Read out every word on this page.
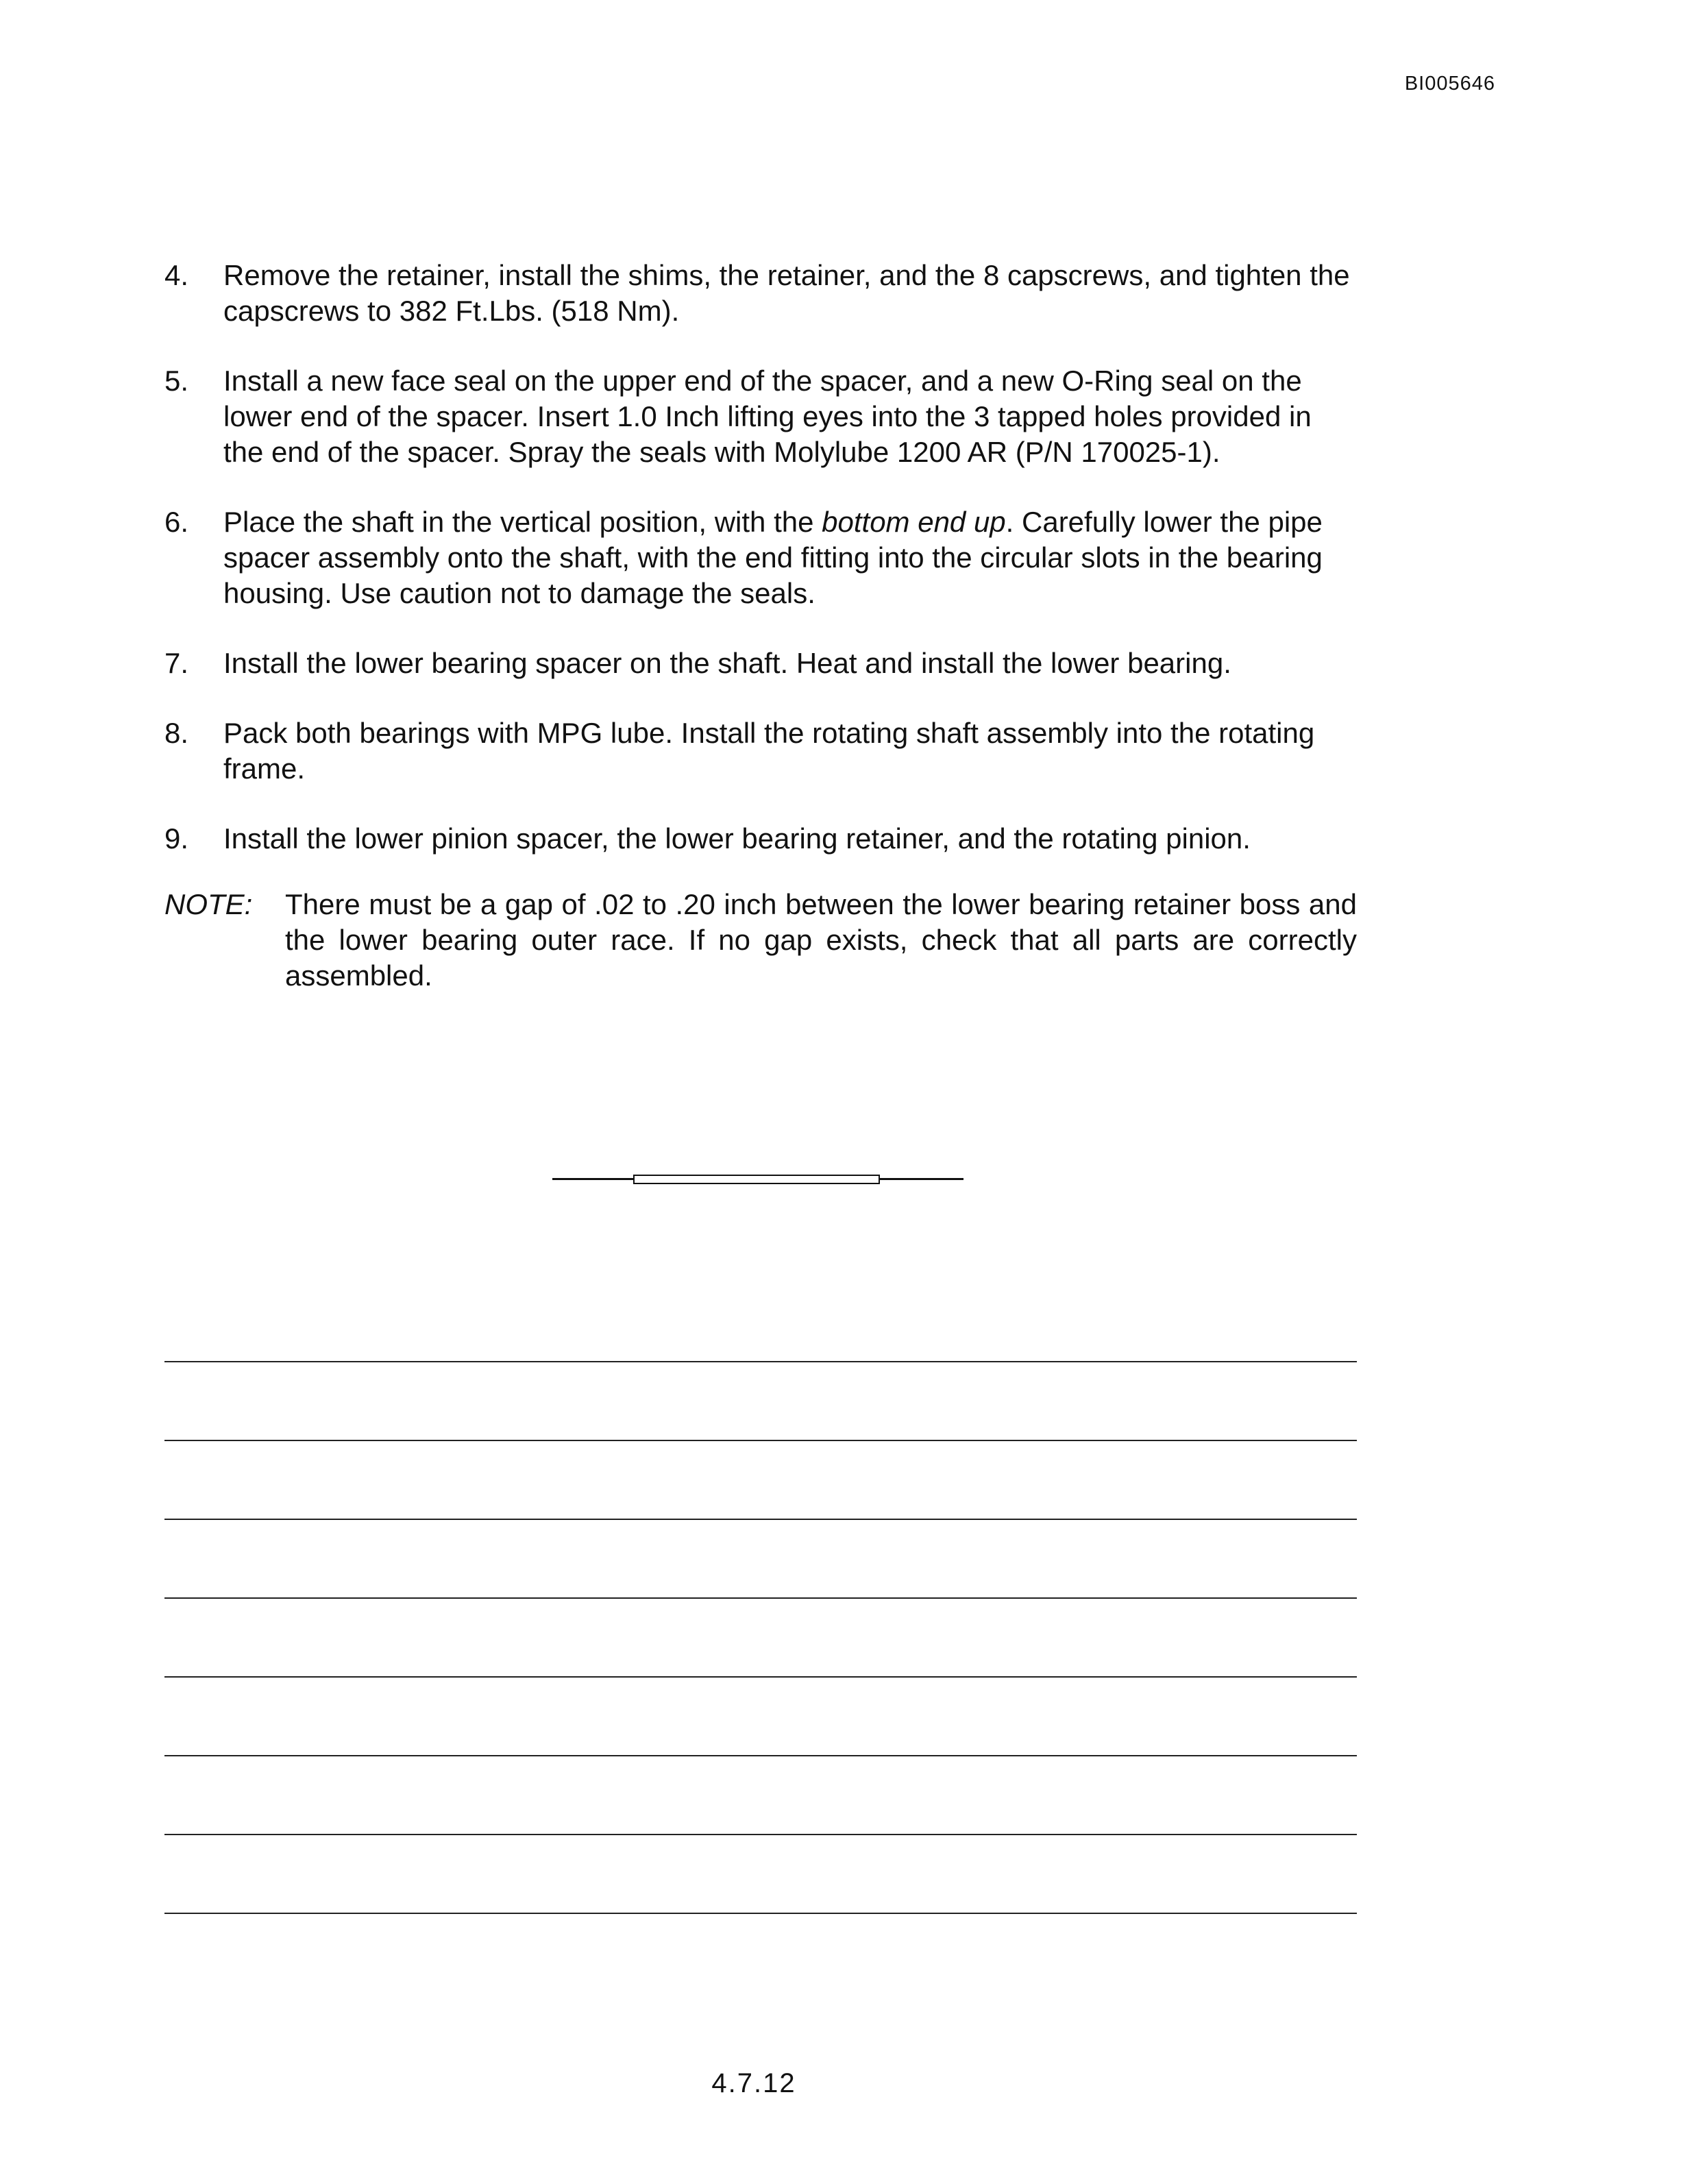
BI005646
4.	Remove the retainer, install the shims, the retainer, and the 8 capscrews, and tighten the capscrews to 382 Ft.Lbs. (518 Nm).
5.	Install a new face seal on the upper end of the spacer, and a new O-Ring seal on the lower end of the spacer. Insert 1.0 Inch lifting eyes into the 3 tapped holes provided in the end of the spacer. Spray the seals with Molylube 1200 AR (P/N 170025-1).
6.	Place the shaft in the vertical position, with the bottom end up. Carefully lower the pipe spacer assembly onto the shaft, with the end fitting into the circular slots in the bearing housing. Use caution not to damage the seals.
7.	Install the lower bearing spacer on the shaft. Heat and install the lower bearing.
8.	Pack both bearings with MPG lube. Install the rotating shaft assembly into the rotating frame.
9.	Install the lower pinion spacer, the lower bearing retainer, and the rotating pinion.
NOTE:	There must be a gap of .02 to .20 inch between the lower bearing retainer boss and the lower bearing outer race. If no gap exists, check that all parts are correctly assembled.
4.7.12
